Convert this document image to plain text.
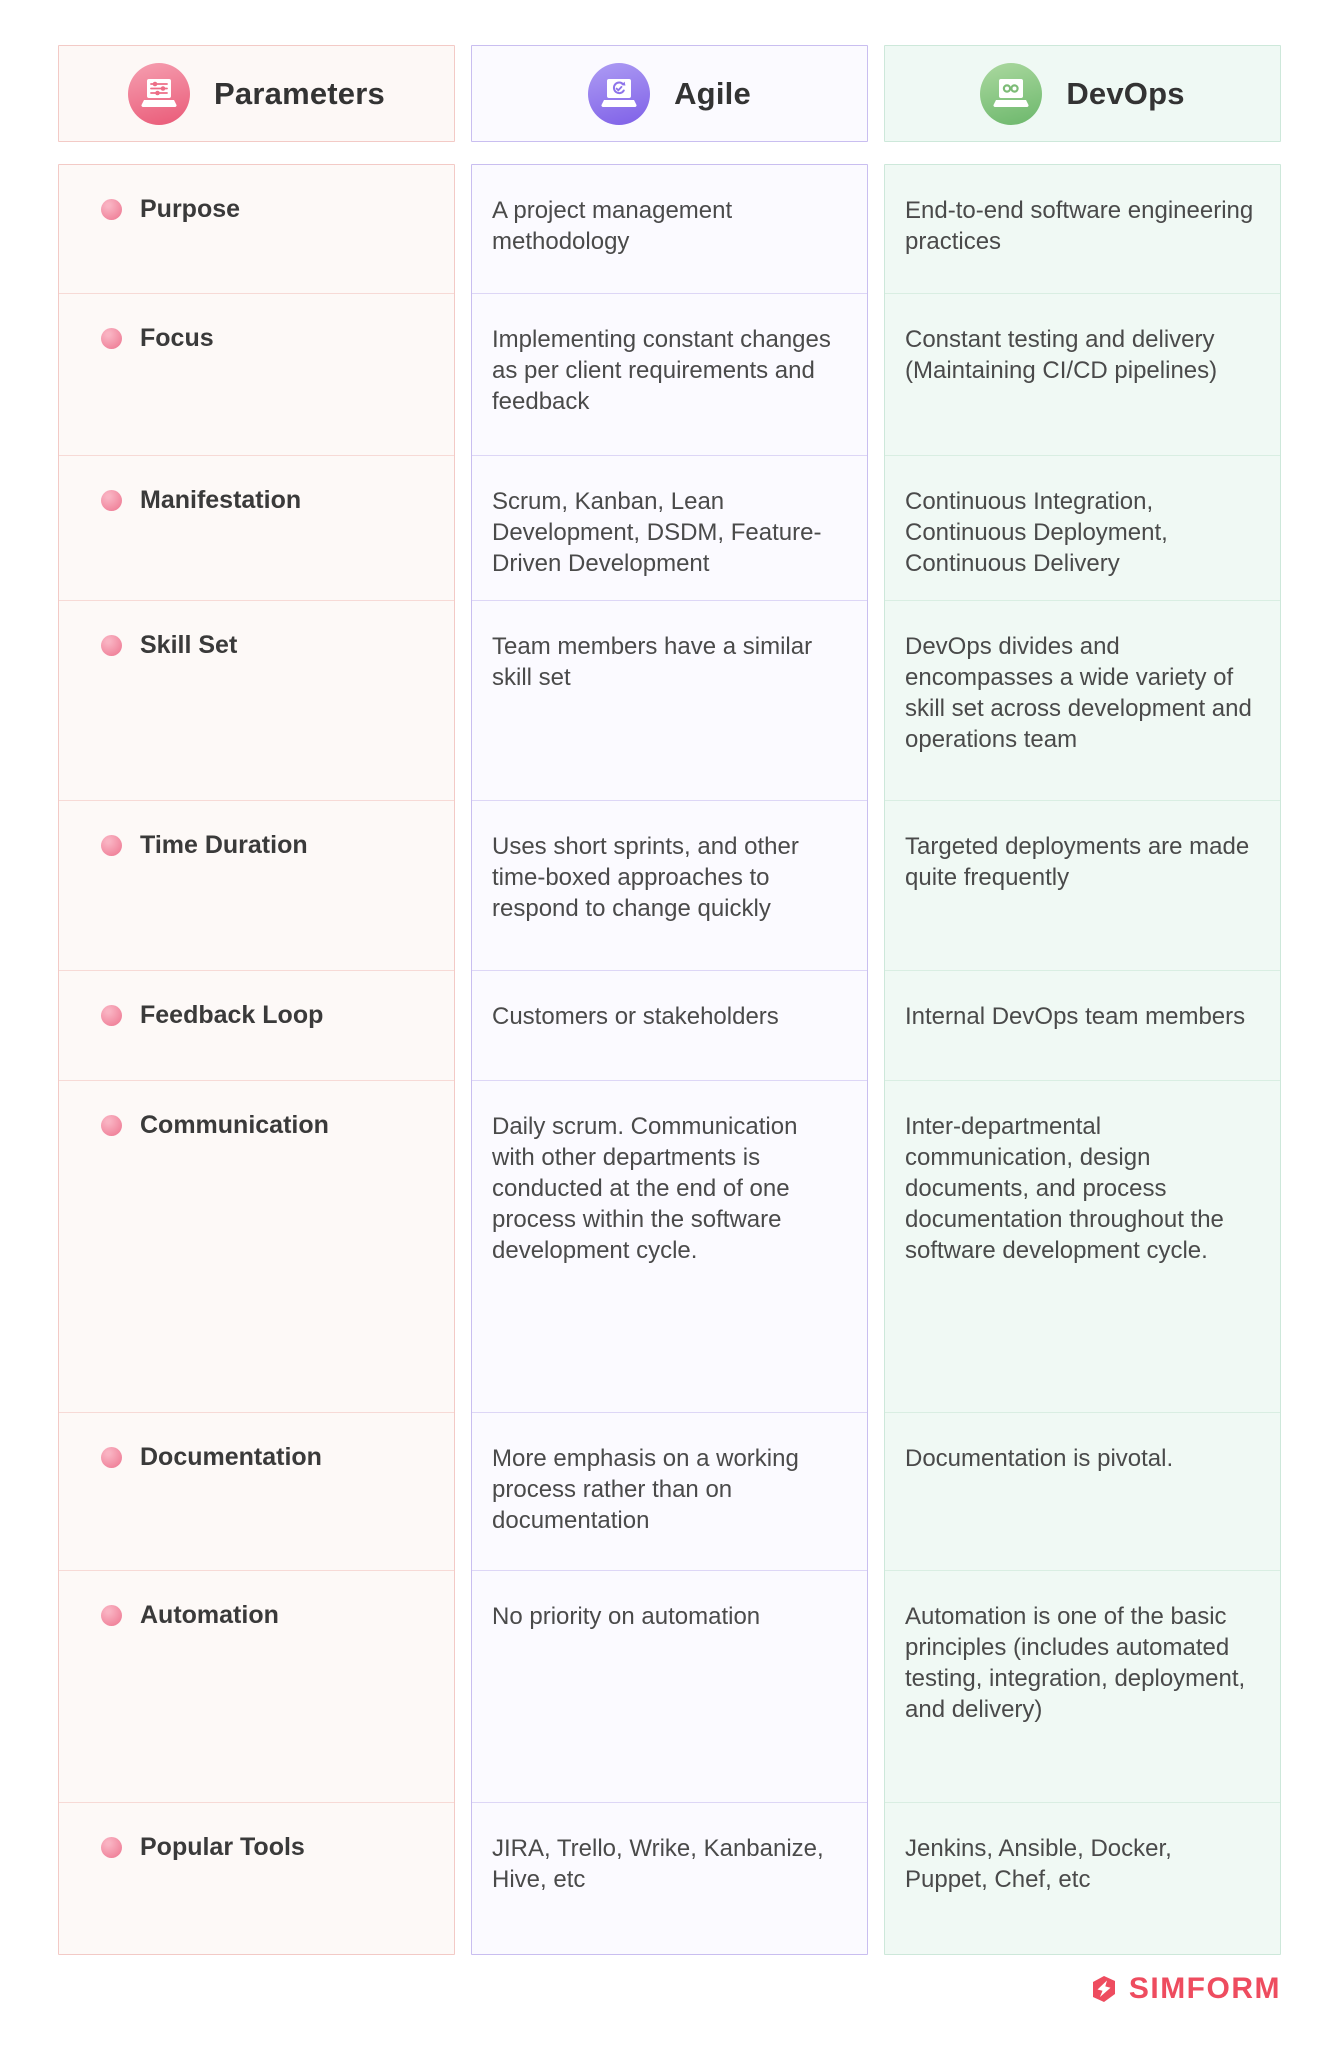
Parameters	Agile	DevOps
Purpose
Focus
Manifestation
Skill Set
Time Duration
Feedback Loop
Communication
Documentation
Automation
Popular Tools
A project management methodology
Implementing constant changes as per client requirements and feedback
Scrum, Kanban, Lean Development, DSDM, Feature-Driven Development
Team members have a similar skill set
Uses short sprints, and other time-boxed approaches to respond to change quickly
Customers or stakeholders
Daily scrum. Communication with other departments is conducted at the end of one process within the software development cycle.
More emphasis on a working process rather than on documentation
No priority on automation
JIRA, Trello, Wrike, Kanbanize, Hive, etc
End-to-end software engineering practices
Constant testing and delivery (Maintaining CI/CD pipelines)
Continuous Integration, Continuous Deployment, Continuous Delivery
DevOps divides and encompasses a wide variety of skill set across development and operations team
Targeted deployments are made quite frequently
Internal DevOps team members
Inter-departmental communication, design documents, and process documentation throughout the software development cycle.
Documentation is pivotal.
Automation is one of the basic principles (includes automated testing, integration, deployment, and delivery)
Jenkins, Ansible, Docker, Puppet, Chef, etc
SIMFORM
